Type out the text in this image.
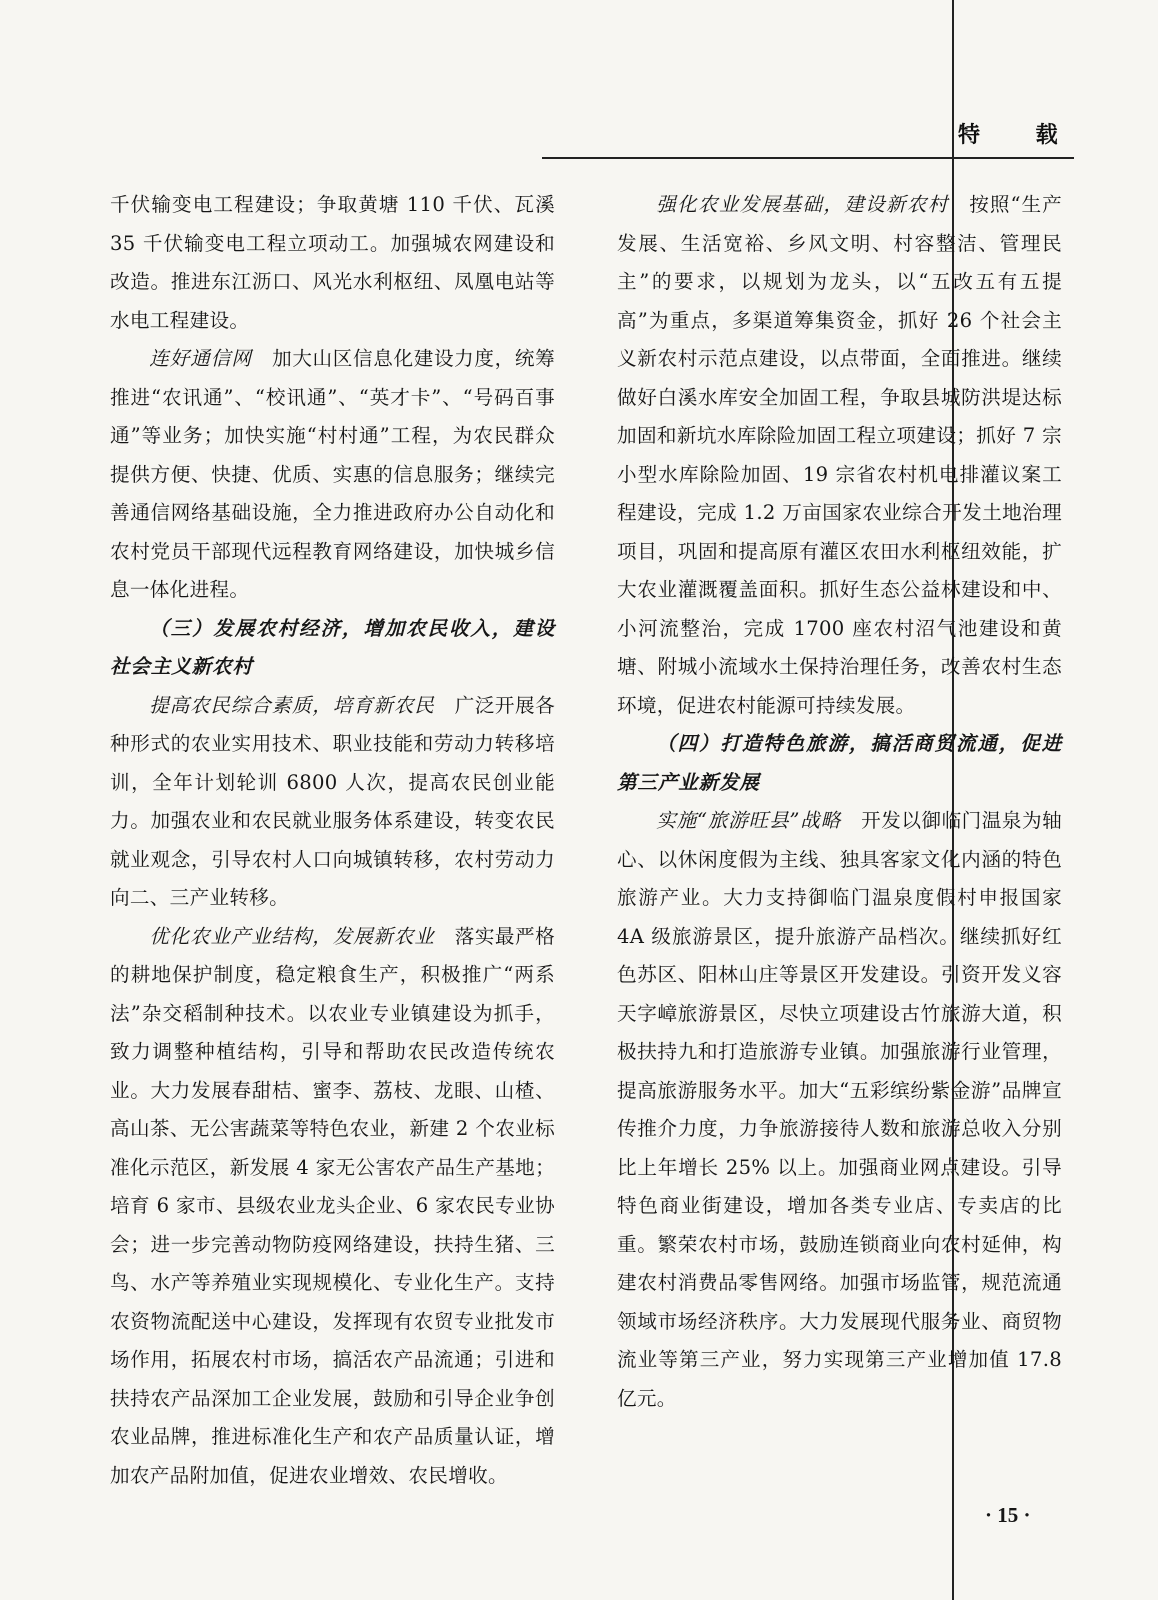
特 载

千伏输变电工程建设；争取黄塘 110 千伏、瓦溪35 千伏输变电工程立项动工。加强城农网建设和改造。推进东江沥口、风光水利枢纽、凤凰电站等水电工程建设。

连好通信网　 加大山区信息化建设力度，统筹推进“农讯通”、“校讯通”、“英才卡”、“号码百事通”等业务；加快实施“村村通”工程，为农民群众提供方便、快捷、优质、实惠的信息服务；继续完善通信网络基础设施，全力推进政府办公自动化和农村党员干部现代远程教育网络建设，加快城乡信息一体化进程。

（三）发展农村经济，增加农民收入，建设社会主义新农村

提高农民综合素质，培育新农民　 广泛开展各种形式的农业实用技术、职业技能和劳动力转移培训，全年计划轮训 6800 人次，提高农民创业能力。加强农业和农民就业服务体系建设，转变农民就业观念，引导农村人口向城镇转移，农村劳动力向二、三产业转移。

优化农业产业结构，发展新农业　 落实最严格的耕地保护制度，稳定粮食生产，积极推广“两系法”杂交稻制种技术。以农业专业镇建设为抓手，致力调整种植结构，引导和帮助农民改造传统农业。大力发展春甜桔、蜜李、荔枝、龙眼、山楂、高山茶、无公害蔬菜等特色农业，新建 2 个农业标准化示范区，新发展 4 家无公害农产品生产基地；培育 6 家市、县级农业龙头企业、6 家农民专业协会；进一步完善动物防疫网络建设，扶持生猪、三鸟、水产等养殖业实现规模化、专业化生产。支持农资物流配送中心建设，发挥现有农贸专业批发市场作用，拓展农村市场，搞活农产品流通；引进和扶持农产品深加工企业发展，鼓励和引导企业争创农业品牌，推进标准化生产和农产品质量认证，增加农产品附加值，促进农业增效、农民增收。

强化农业发展基础，建设新农村　 按照“生产发展、生活宽裕、乡风文明、村容整洁、管理民主”的要求，以规划为龙头，以“五改五有五提高”为重点，多渠道筹集资金，抓好 26 个社会主义新农村示范点建设，以点带面，全面推进。继续做好白溪水库安全加固工程，争取县城防洪堤达标加固和新坑水库除险加固工程立项建设；抓好 7 宗小型水库除险加固、19 宗省农村机电排灌议案工程建设，完成 1.2 万亩国家农业综合开发土地治理项目，巩固和提高原有灌区农田水利枢纽效能，扩大农业灌溉覆盖面积。抓好生态公益林建设和中、小河流整治，完成 1700 座农村沼气池建设和黄塘、附城小流域水土保持治理任务，改善农村生态环境，促进农村能源可持续发展。

（四）打造特色旅游，搞活商贸流通，促进第三产业新发展

实施“旅游旺县”战略　 开发以御临门温泉为轴心、以休闲度假为主线、独具客家文化内涵的特色旅游产业。大力支持御临门温泉度假村申报国家 4A 级旅游景区，提升旅游产品档次。继续抓好红色苏区、阳林山庄等景区开发建设。引资开发义容天字嶂旅游景区，尽快立项建设古竹旅游大道，积极扶持九和打造旅游专业镇。加强旅游行业管理，提高旅游服务水平。加大“五彩缤纷紫金游”品牌宣传推介力度，力争旅游接待人数和旅游总收入分别比上年增长 25% 以上。加强商业网点建设。引导特色商业街建设，增加各类专业店、专卖店的比重。繁荣农村市场，鼓励连锁商业向农村延伸，构建农村消费品零售网络。加强市场监管，规范流通领域市场经济秩序。大力发展现代服务业、商贸物流业等第三产业，努力实现第三产业增加值 17.8 亿元。

· 15 ·
